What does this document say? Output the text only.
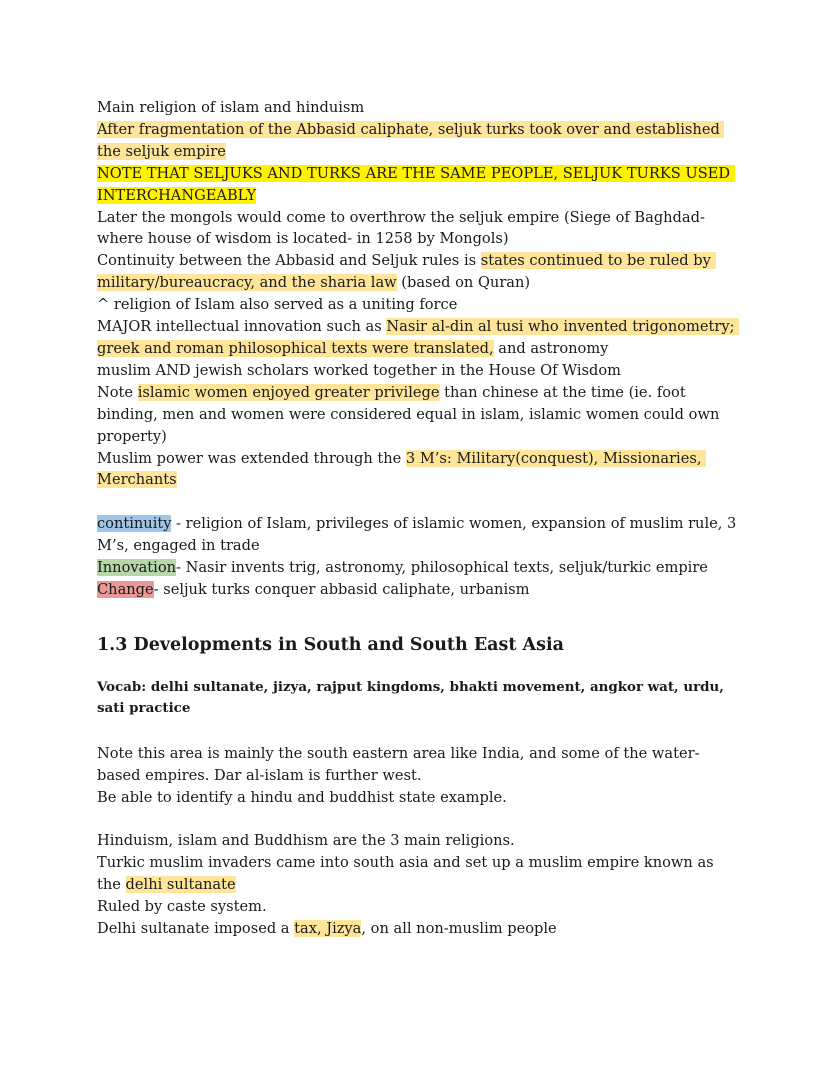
Main religion of islam and hinduism

After fragmentation of the Abbasid caliphate, seljuk turks took over and established the seljuk empire

NOTE THAT SELJUKS AND TURKS ARE THE SAME PEOPLE, SELJUK TURKS USED INTERCHANGEABLY

Later the mongols would come to overthrow the seljuk empire (Siege of Baghdad- where house of wisdom is located- in 1258 by Mongols)

Continuity between the Abbasid and Seljuk rules is states continued to be ruled by military/bureaucracy, and the sharia law (based on Quran)

^ religion of Islam also served as a uniting force

MAJOR intellectual innovation such as Nasir al-din al tusi who invented trigonometry; greek and roman philosophical texts were translated, and astronomy

muslim AND jewish scholars worked together in the House Of Wisdom

Note islamic women enjoyed greater privilege than chinese at the time (ie. foot binding, men and women were considered equal in islam, islamic women could own property)

Muslim power was extended through the 3 M’s: Military(conquest), Missionaries, Merchants

continuity - religion of Islam, privileges of islamic women, expansion of muslim rule, 3 M’s, engaged in trade

Innovation- Nasir invents trig, astronomy, philosophical texts, seljuk/turkic empire

Change- seljuk turks conquer abbasid caliphate, urbanism

1.3 Developments in South and South East Asia

Vocab: delhi sultanate, jizya, rajput kingdoms, bhakti movement, angkor wat, urdu, sati practice

Note this area is mainly the south eastern area like India, and some of the water-based empires. Dar al-islam is further west.

Be able to identify a hindu and buddhist state example.

Hinduism, islam and Buddhism are the 3 main religions.

Turkic muslim invaders came into south asia and set up a muslim empire known as the delhi sultanate

Ruled by caste system.

Delhi sultanate imposed a tax, Jizya, on all non-muslim people
